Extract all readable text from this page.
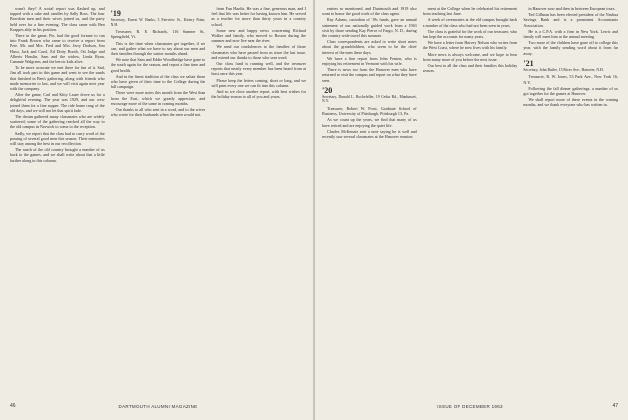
wasn't they? A social report was flashed up, and topped with a cake and candles by Sally Ross. The four Bowdoin men and their wives joined us, and the party held over for a fine evening. The class came with Ben Krappes ably in his position.

There in the game, Pie, had the good fortune to run into Frank Brown who came to receive a report from Pete. Mr. and Mrs. Fred and Mrs. Jerry Dodson, Jim Huso, Jack and Carol, Ed Dotty Booth, Ott Jadge and Alberts Hasslin, Sam and the widow, Linda Ryan, Cammie Walgreen, and the heroic kids alive.

To be more accurate we met there for fun of it. Sad, Jim all took part in this game and went to see the sands that finished in Ben's gathering, along with friends who made memories to last, and we will visit again next year with the company.

After the game, Carl and Kitty Lauer drove us for a delightful evening. The year was 1929, and our crew joined them for a fine supper. The ride home rang of the old days, and we will not let that spirit fade.

The dream gathered many classmates who are widely scattered; some of the gathering reached all the way to the old campus in Norwich to come to the reception.

Sadly, we report that the class had to carry word of the passing of several good men this season. Their memories will stay among the best in our recollection.

The ranch of the old country brought a number of us back to the games, and we shall write about that a little further along in this column.

'19
Secretary, Ernest W. Banks, 3 Fairview St., Kittery Point, N.H.

Treasurer, R. E. Richards, 116 Sumner St., Springfield, Vt.

This is the time when classmates get together, if we can, and gather what we have to say about our men and their families through the winter months ahead.

We note that Sam and Eddie Woodbridge have gone to the south again for the season, and report a fine time and good health.

And in the finest tradition of the class we salute those who have given of their time to the College during the fall campaign.

There were more notes this month from the West than from the East, which we greatly appreciate, and encourage more of the same in coming months.

Our thanks to all who sent in a word, and to the wives who wrote for their husbands when the men would not.

from Fun Hardis. He was a fine, generous man, and I feel that life was better for having known him. He served as a teacher for more than thirty years in a country school.

Some new and happy news concerning Richard Walker and family, who moved to Boston during the summer and now live near the river.

We send our condolences to the families of those classmates who have passed from us since the last issue, and extend our thanks to those who sent word.

Our class fund is running well, and the treasurer reports that nearly every member has been heard from at least once this year.

Please keep the letters coming, short or long, and we will print every one we can fit into this column.

And so we close another report, with best wishes for the holiday season to all of you and yours.

46	DARTMOUTH ALUMNI MAGAZINE

entries so mentioned, and Dartmouth and 1919 also want to honor the good work of the class agent.

Ray Adams, custodian of '19s funds, gave an annual statement of our nationally guided work from a 1963 visit by those sending Kay Pierce of Fargo, N. D., during the country wide travel this summer.

Class correspondents are asked to write short notes about the grandchildren, who seem to be the chief interest of the men these days.

We have a fine report from John Fenton, who is enjoying his retirement in Vermont with his wife.

There is news too from the Hanover men who have returned to visit the campus and report on what they have seen.

'20
Secretary, Donald L. Rockefeller, 19 Cedar Rd., Manhasset, N.Y.

Treasurer, Robert W. Frost, Graduate School of Business, University of Pittsburgh, Pittsburgh 13, Pa.

As we count up the years, we find that many of us have retired and are enjoying the quiet life.

Charles McKenzie sent a note saying he is well and recently saw several classmates at the Hanover reunion.

ment at the College when he celebrated his retirement from teaching last June.

A week of ceremonies at the old campus brought back a number of the class who had not been seen in years.

The class is grateful for the work of our treasurer, who has kept the accounts for many years.

We have a letter from Harvey Nelson who writes from the West Coast, where he now lives with his family.

More news is always welcome, and we hope to hear from many more of you before the next issue.

Our best to all the class and their families this holiday season.

in Hanover now and then in between European tours.

Ted Gillman has been elected president of the Nashua Savings Bank and is a prominent Accountants Association.

He is a C.P.A. with a firm in New York. Lewis and family will meet him at the annual meeting.

Two more of the children have gone off to college this year, with the family sending word about it from far away.

'21
Secretary, John Butler, 15 River Ave., Hanover, N.H.

Treasurer, R. W. Jones, 53 Park Ave., New York 16, N.Y.

Following the fall dinner gatherings, a number of us got together for the games at Hanover.

We shall report more of these events in the coming months, and we thank everyone who has written in.

ISSUE OF DECEMBER 1963	47
